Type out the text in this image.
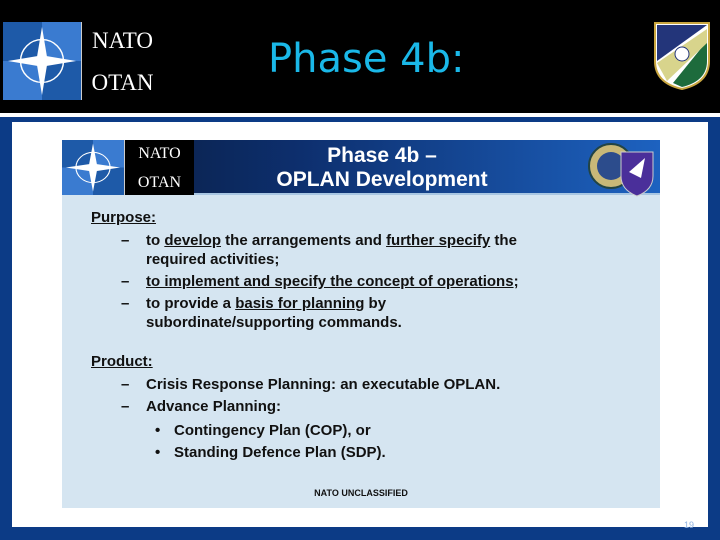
NATO
OTAN
Phase 4b:
NATO
OTAN
Phase 4b –
OPLAN Development
Purpose:
– to develop the arrangements and further specify the
required activities;
– to implement and specify the concept of operations;
– to provide a basis for planning by
subordinate/supporting commands.
Product:
– Crisis Response Planning: an executable OPLAN.
– Advance Planning:
• Contingency Plan (COP), or
• Standing Defence Plan (SDP).
NATO UNCLASSIFIED
19
